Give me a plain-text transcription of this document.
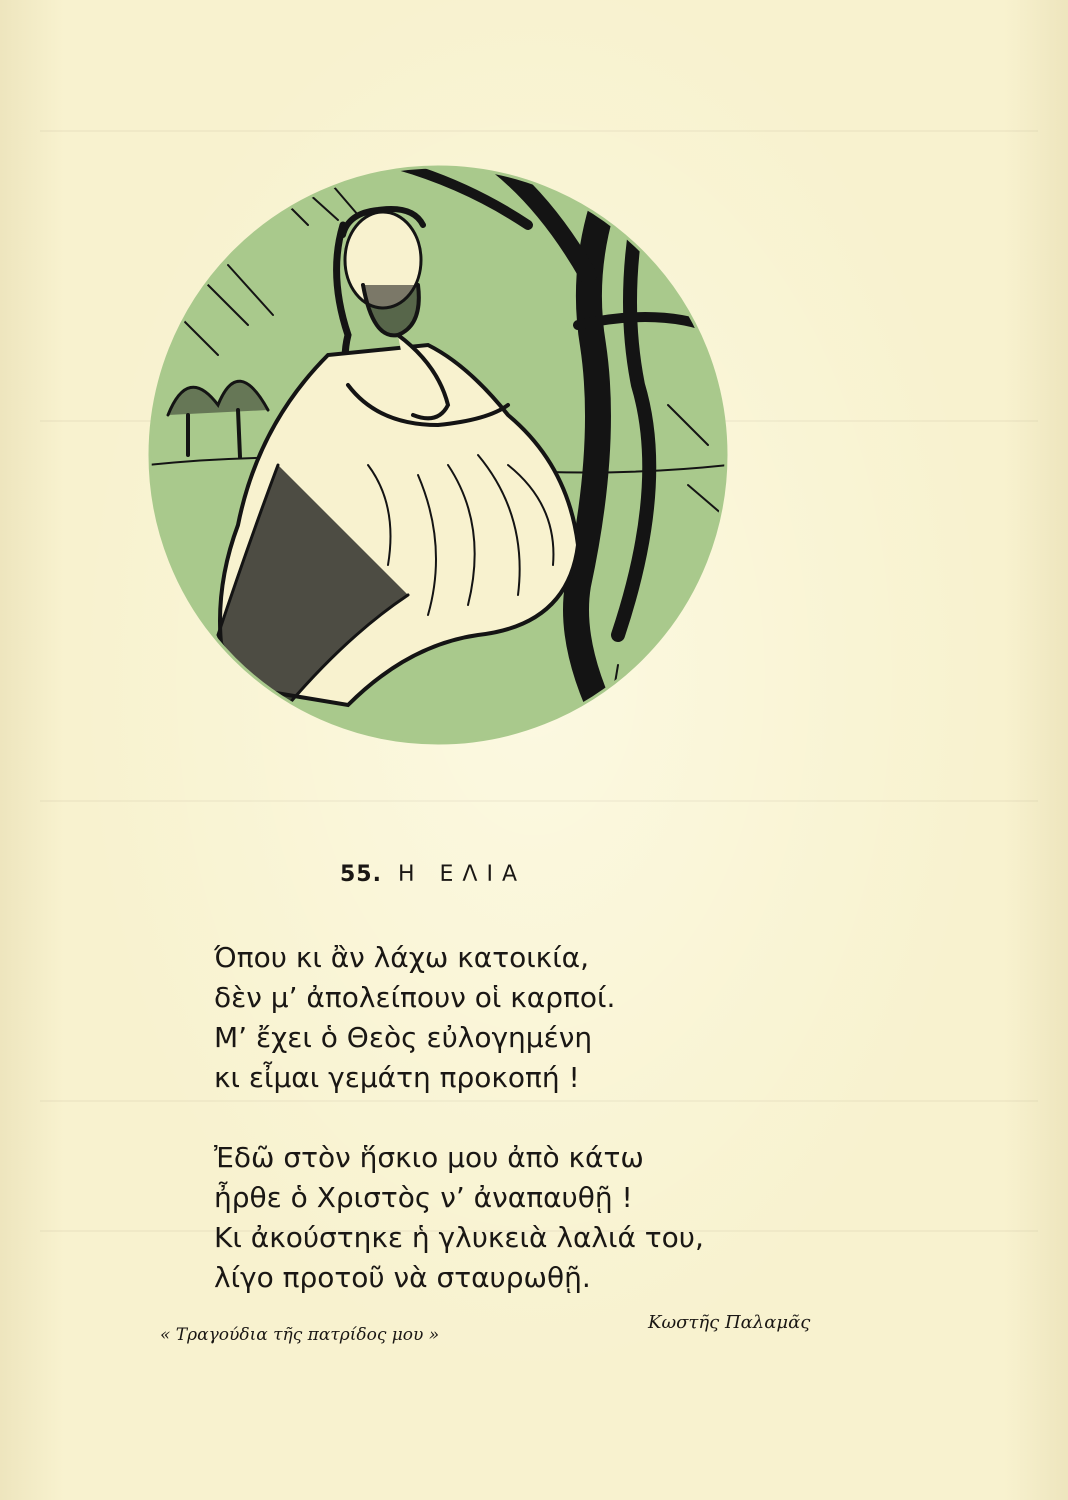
55. Η ΕΛΙΑ
Όπου κι ἂν λάχω κατοικία,
δὲν μ’ ἀπολείπουν οἱ καρποί.
Μ’ ἔχει ὁ Θεὸς εὐλογημένη
κι εἶμαι γεμάτη προκοπή !
Ἐδῶ στὸν ἥσκιο μου ἀπὸ κάτω
ἦρθε ὁ Χριστὸς ν’ ἀναπαυθῇ !
Κι ἀκούστηκε ἡ γλυκειὰ λαλιά του,
λίγο προτοῦ νὰ σταυρωθῇ.
« Τραγούδια τῆς πατρίδος μου »
Κωστῆς Παλαμᾶς
